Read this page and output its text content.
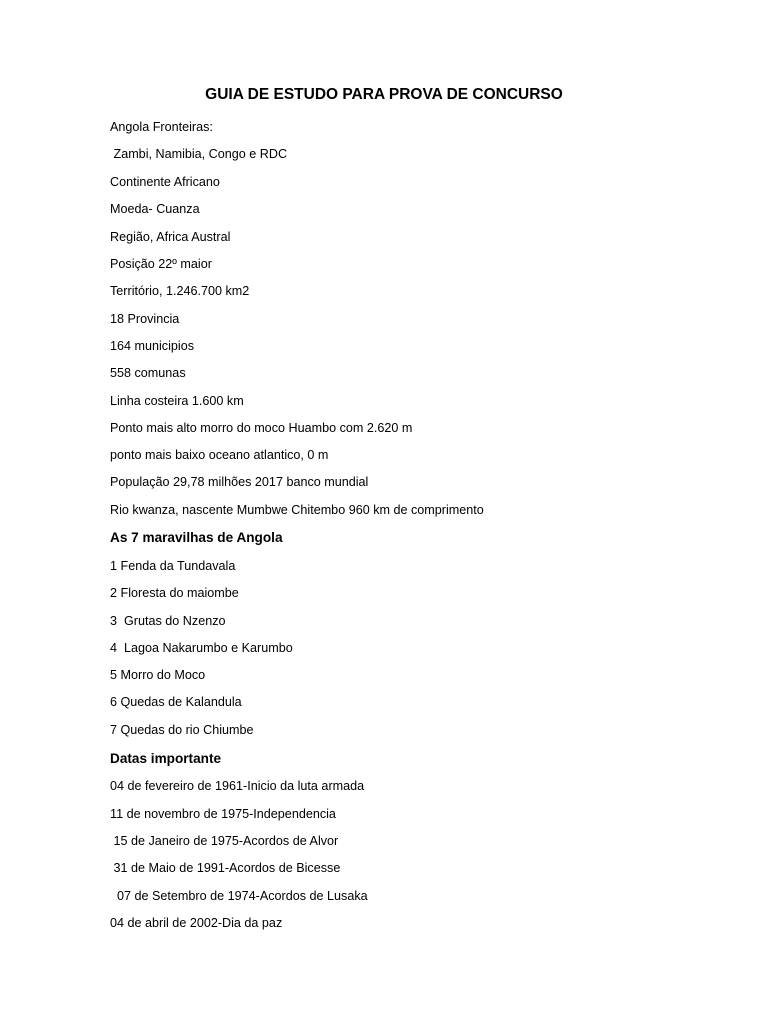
GUIA DE ESTUDO PARA PROVA DE CONCURSO
Angola Fronteiras:
Zambi, Namibia, Congo e RDC
Continente Africano
Moeda- Cuanza
Região, Africa Austral
Posição 22º maior
Território, 1.246.700 km2
18 Provincia
164 municipios
558 comunas
Linha costeira 1.600 km
Ponto mais alto morro do moco Huambo com 2.620 m
ponto mais baixo oceano atlantico, 0 m
População 29,78 milhões 2017 banco mundial
Rio kwanza, nascente Mumbwe Chitembo 960 km de comprimento
As 7 maravilhas de Angola
1 Fenda da Tundavala
2 Floresta do maiombe
3  Grutas do Nzenzo
4  Lagoa Nakarumbo e Karumbo
5 Morro do Moco
6 Quedas de Kalandula
7 Quedas do rio Chiumbe
Datas importante
04 de fevereiro de 1961-Inicio da luta armada
11 de novembro de 1975-Independencia
15 de Janeiro de 1975-Acordos de Alvor
31 de Maio de 1991-Acordos de Bicesse
07 de Setembro de 1974-Acordos de Lusaka
04 de abril de 2002-Dia da paz
